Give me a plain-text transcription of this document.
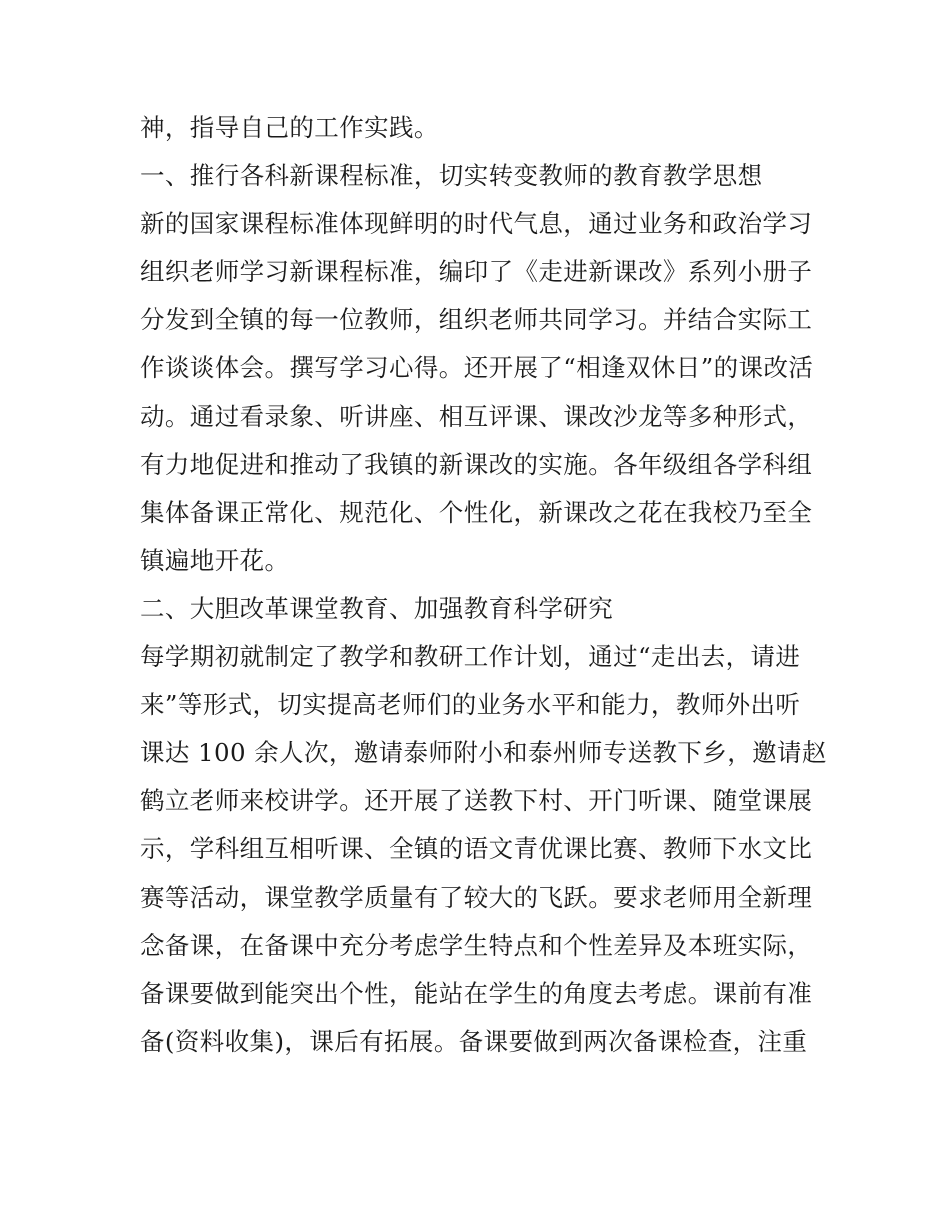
神，指导自己的工作实践。
一、推行各科新课程标准，切实转变教师的教育教学思想
新的国家课程标准体现鲜明的时代气息，通过业务和政治学习
组织老师学习新课程标准，编印了《走进新课改》系列小册子
分发到全镇的每一位教师，组织老师共同学习。并结合实际工
作谈谈体会。撰写学习心得。还开展了“相逢双休日”的课改活
动。通过看录象、听讲座、相互评课、课改沙龙等多种形式，
有力地促进和推动了我镇的新课改的实施。各年级组各学科组
集体备课正常化、规范化、个性化，新课改之花在我校乃至全
镇遍地开花。
二、大胆改革课堂教育、加强教育科学研究
每学期初就制定了教学和教研工作计划，通过“走出去，请进
来”等形式，切实提高老师们的业务水平和能力，教师外出听
课达 100 余人次，邀请泰师附小和泰州师专送教下乡，邀请赵
鹤立老师来校讲学。还开展了送教下村、开门听课、随堂课展
示，学科组互相听课、全镇的语文青优课比赛、教师下水文比
赛等活动，课堂教学质量有了较大的飞跃。要求老师用全新理
念备课，在备课中充分考虑学生特点和个性差异及本班实际，
备课要做到能突出个性，能站在学生的角度去考虑。课前有准
备(资料收集)，课后有拓展。备课要做到两次备课检查，注重
